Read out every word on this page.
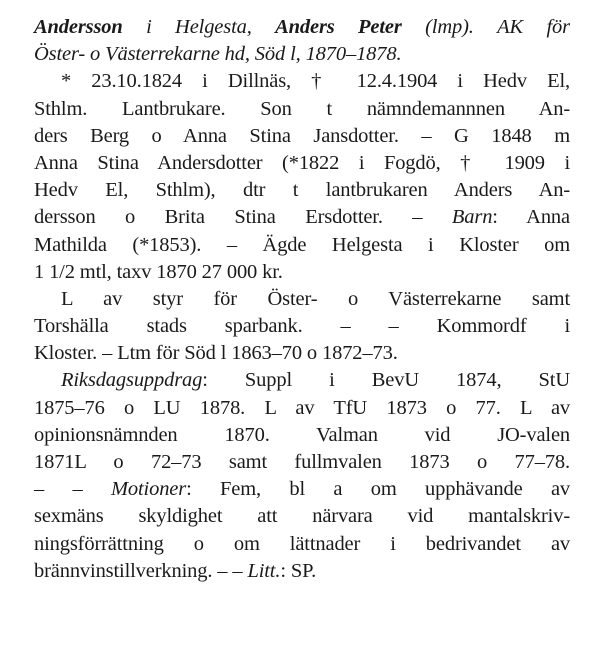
Andersson i Helgesta, Anders Peter (lmp). AK för
Öster- o Västerrekarne hd, Söd l, 1870–1878.
* 23.10.1824 i Dillnäs, † 12.4.1904 i Hedv El,
Sthlm. Lantbrukare. Son t nämndemannnen An-
ders Berg o Anna Stina Jansdotter. – G 1848 m
Anna Stina Andersdotter (*1822 i Fogdö, † 1909 i
Hedv El, Sthlm), dtr t lantbrukaren Anders An-
dersson o Brita Stina Ersdotter. – Barn: Anna
Mathilda (*1853). – Ägde Helgesta i Kloster om
1 1/2 mtl, taxv 1870 27 000 kr.
L av styr för Öster- o Västerrekarne samt
Torshälla stads sparbank. – – Kommordf i
Kloster. – Ltm för Söd l 1863–70 o 1872–73.
Riksdagsuppdrag: Suppl i BevU 1874, StU
1875–76 o LU 1878. L av TfU 1873 o 77. L av
opinionsnämnden 1870. Valman vid JO-valen
1871L o 72–73 samt fullmvalen 1873 o 77–78.
– – Motioner: Fem, bl a om upphävande av
sexmäns skyldighet att närvara vid mantalskriv-
ningsförrättning o om lättnader i bedrivandet av
brännvinstillverkning. – – Litt.: SP.
